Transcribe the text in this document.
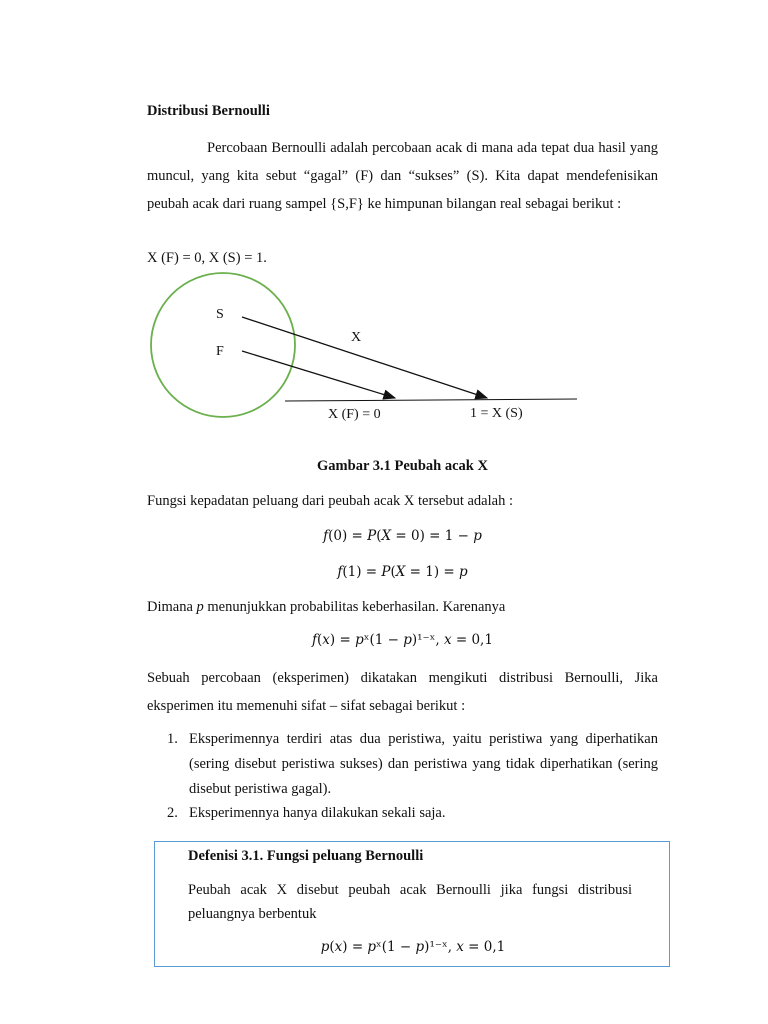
Distribusi Bernoulli
Percobaan Bernoulli adalah percobaan acak di mana ada tepat dua hasil yang muncul, yang kita sebut “gagal” (F) dan “sukses” (S). Kita dapat mendefenisikan peubah acak dari ruang sampel {S,F} ke himpunan bilangan real sebagai berikut :
X (F) = 0, X (S) = 1.
S
F
X
X (F) = 0	1 = X (S)
Gambar 3.1 Peubah acak X
Fungsi kepadatan peluang dari peubah acak X tersebut adalah :
𝑓(0) = 𝑃(𝑋 = 0) = 1 − 𝑝
𝑓(1) = 𝑃(𝑋 = 1) = 𝑝
Dimana p menunjukkan probabilitas keberhasilan. Karenanya
𝑓(𝑥) = 𝑝ˣ(1 − 𝑝)¹⁻ˣ, 𝑥 = 0,1
Sebuah percobaan (eksperimen) dikatakan mengikuti distribusi Bernoulli, Jika eksperimen itu memenuhi sifat – sifat sebagai berikut :
1. Eksperimennya terdiri atas dua peristiwa, yaitu peristiwa yang diperhatikan (sering disebut peristiwa sukses) dan peristiwa yang tidak diperhatikan (sering disebut peristiwa gagal).
2. Eksperimennya hanya dilakukan sekali saja.
Defenisi 3.1. Fungsi peluang Bernoulli
Peubah acak X disebut peubah acak Bernoulli jika fungsi distribusi peluangnya berbentuk
𝑝(𝑥) = 𝑝ˣ(1 − 𝑝)¹⁻ˣ, 𝑥 = 0,1
